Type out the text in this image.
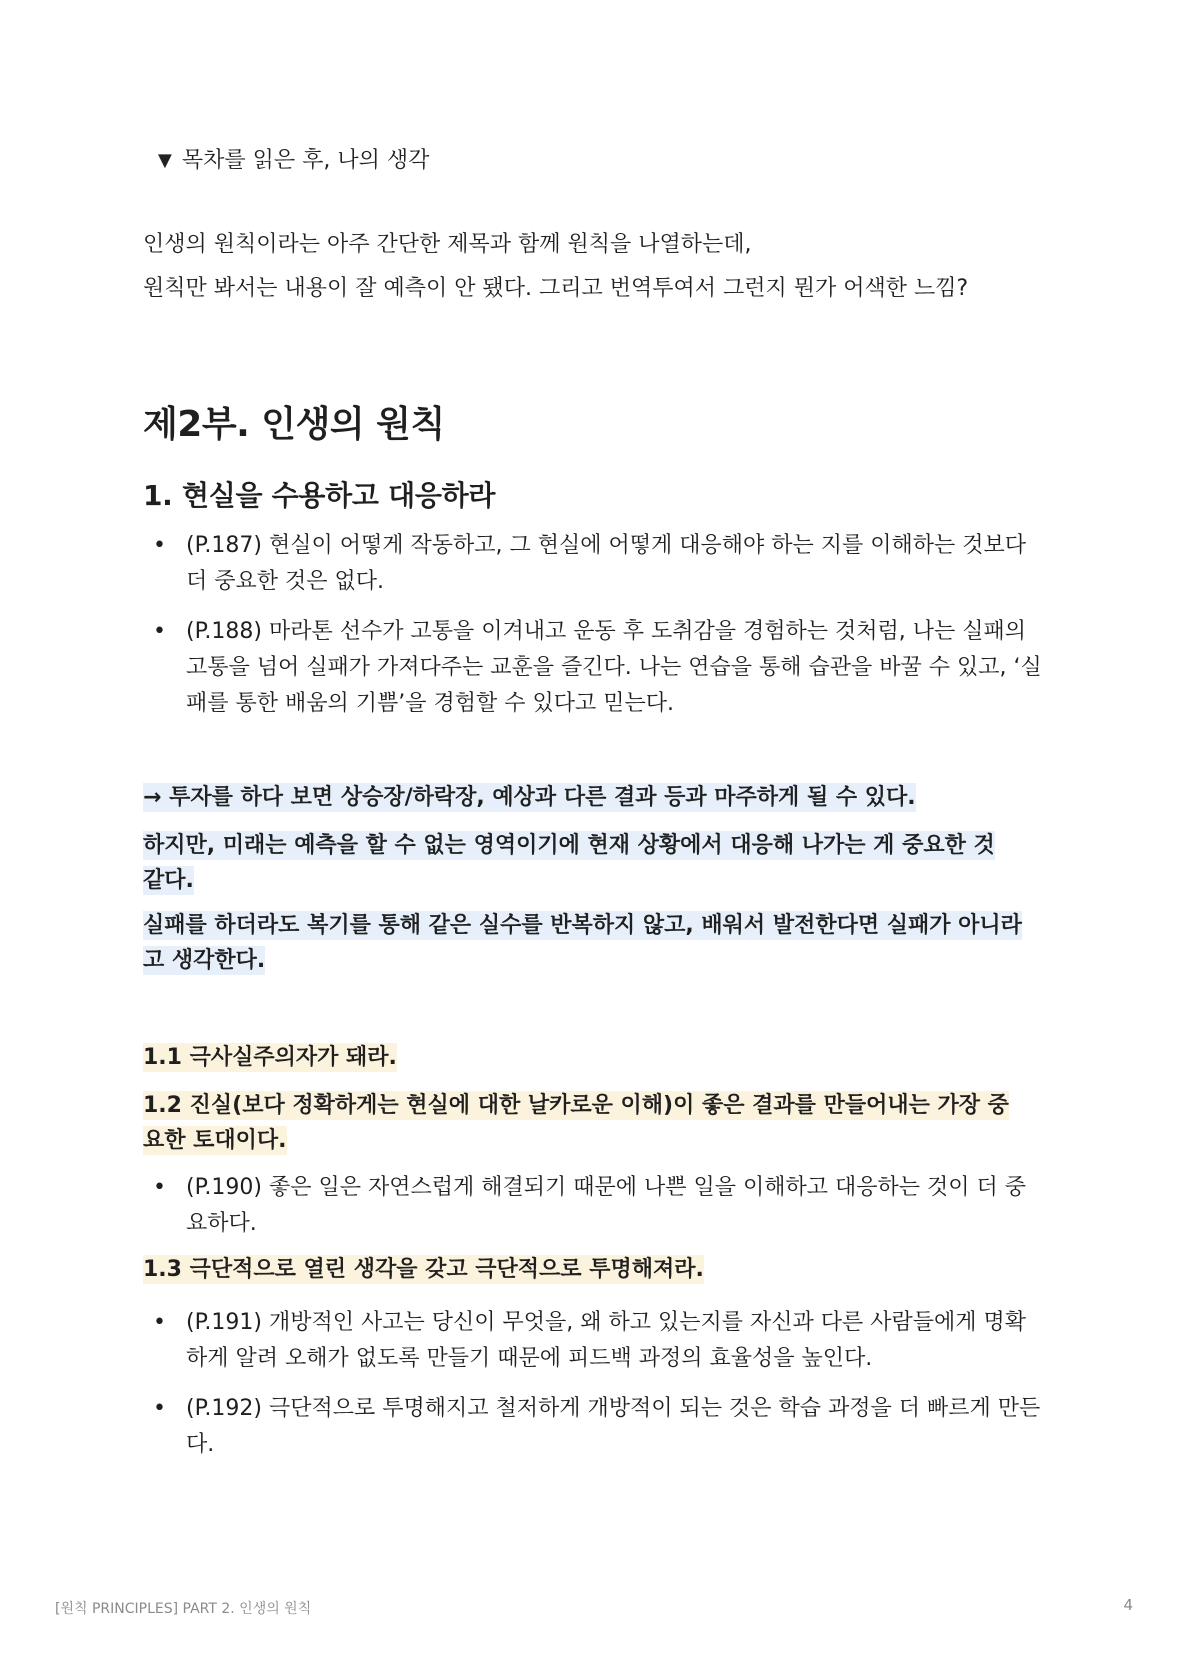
▼ 목차를 읽은 후, 나의 생각
인생의 원칙이라는 아주 간단한 제목과 함께 원칙을 나열하는데,
원칙만 봐서는 내용이 잘 예측이 안 됐다. 그리고 번역투여서 그런지 뭔가 어색한 느낌?
제2부. 인생의 원칙
1. 현실을 수용하고 대응하라
• (P.187) 현실이 어떻게 작동하고, 그 현실에 어떻게 대응해야 하는 지를 이해하는 것보다 더 중요한 것은 없다.
• (P.188) 마라톤 선수가 고통을 이겨내고 운동 후 도취감을 경험하는 것처럼, 나는 실패의 고통을 넘어 실패가 가져다주는 교훈을 즐긴다. 나는 연습을 통해 습관을 바꿀 수 있고, ‘실패를 통한 배움의 기쁨’을 경험할 수 있다고 믿는다.
→ 투자를 하다 보면 상승장/하락장, 예상과 다른 결과 등과 마주하게 될 수 있다.
하지만, 미래는 예측을 할 수 없는 영역이기에 현재 상황에서 대응해 나가는 게 중요한 것 같다.
실패를 하더라도 복기를 통해 같은 실수를 반복하지 않고, 배워서 발전한다면 실패가 아니라고 생각한다.
1.1 극사실주의자가 돼라.
1.2 진실(보다 정확하게는 현실에 대한 날카로운 이해)이 좋은 결과를 만들어내는 가장 중요한 토대이다.
• (P.190) 좋은 일은 자연스럽게 해결되기 때문에 나쁜 일을 이해하고 대응하는 것이 더 중요하다.
1.3 극단적으로 열린 생각을 갖고 극단적으로 투명해져라.
• (P.191) 개방적인 사고는 당신이 무엇을, 왜 하고 있는지를 자신과 다른 사람들에게 명확하게 알려 오해가 없도록 만들기 때문에 피드백 과정의 효율성을 높인다.
• (P.192) 극단적으로 투명해지고 철저하게 개방적이 되는 것은 학습 과정을 더 빠르게 만든다.
[원칙 PRINCIPLES] PART 2. 인생의 원칙	4
